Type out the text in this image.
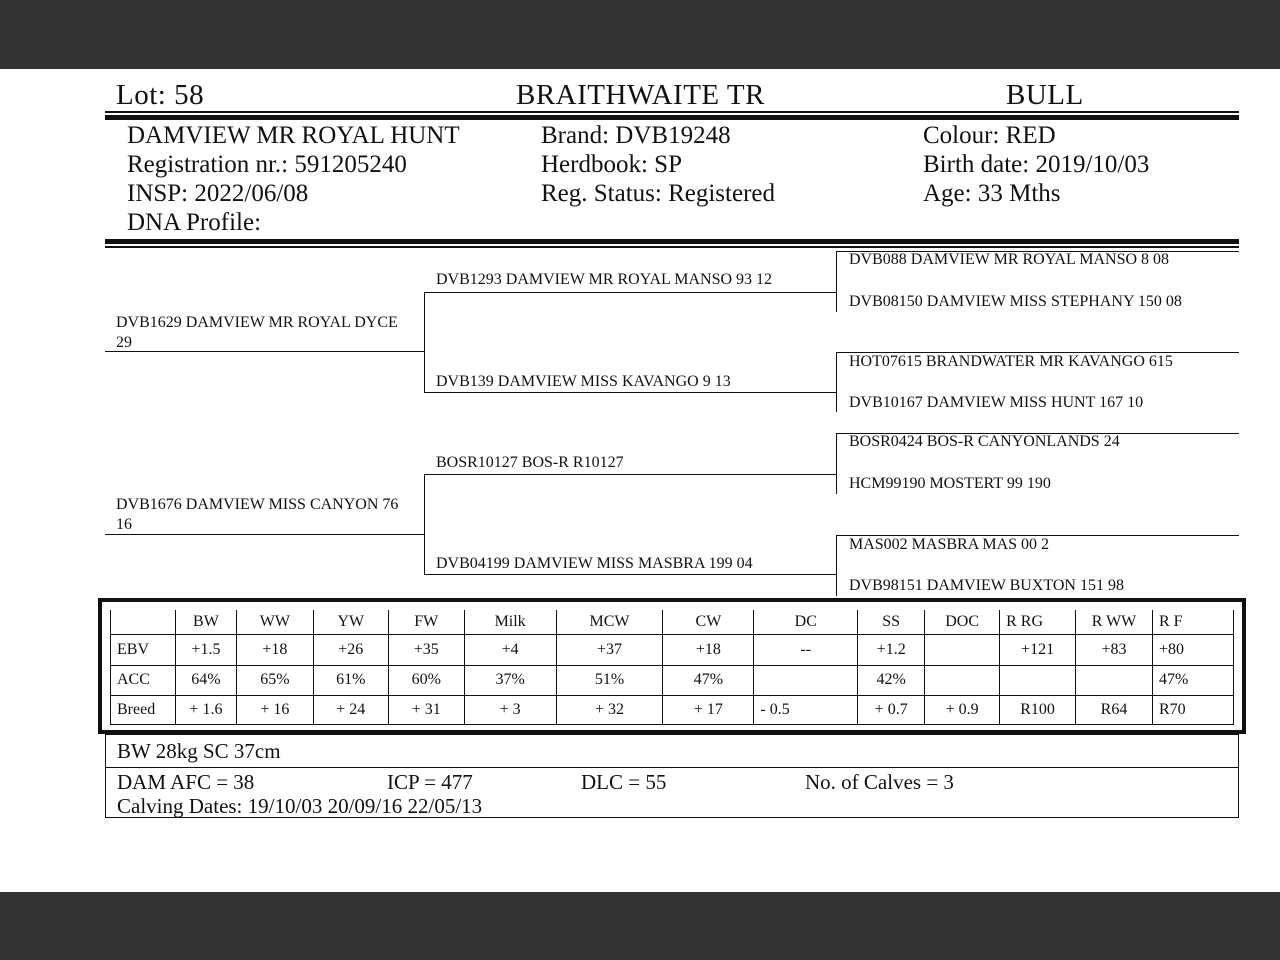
Lot: 58	BRAITHWAITE TR	BULL
DAMVIEW MR ROYAL HUNT
Registration nr.: 591205240
INSP: 2022/06/08
DNA Profile:
Brand: DVB19248
Herdbook: SP
Reg. Status: Registered
Colour: RED
Birth date: 2019/10/03
Age: 33 Mths
DVB1629 DAMVIEW MR ROYAL DYCE 29
DVB1676 DAMVIEW MISS CANYON 76 16
DVB1293 DAMVIEW MR ROYAL MANSO 93 12
DVB139 DAMVIEW MISS KAVANGO 9 13
BOSR10127 BOS-R R10127
DVB04199 DAMVIEW MISS MASBRA 199 04
DVB088 DAMVIEW MR ROYAL MANSO 8 08
DVB08150 DAMVIEW MISS STEPHANY 150 08
HOT07615 BRANDWATER MR KAVANGO 615
DVB10167 DAMVIEW MISS HUNT 167 10
BOSR0424 BOS-R CANYONLANDS 24
HCM99190 MOSTERT 99 190
MAS002 MASBRA MAS 00 2
DVB98151 DAMVIEW BUXTON 151 98
	BW	WW	YW	FW	Milk	MCW	CW	DC	SS	DOC	R RG	R WW	R F
EBV	+1.5	+18	+26	+35	+4	+37	+18	--	+1.2		+121	+83	+80
ACC	64%	65%	61%	60%	37%	51%	47%		42%				47%
Breed	+ 1.6	+ 16	+ 24	+ 31	+ 3	+ 32	+ 17	- 0.5	+ 0.7	+ 0.9	R100	R64	R70
BW 28kg SC 37cm
DAM AFC = 38	ICP = 477	DLC = 55	No. of Calves = 3
Calving Dates: 19/10/03 20/09/16 22/05/13
